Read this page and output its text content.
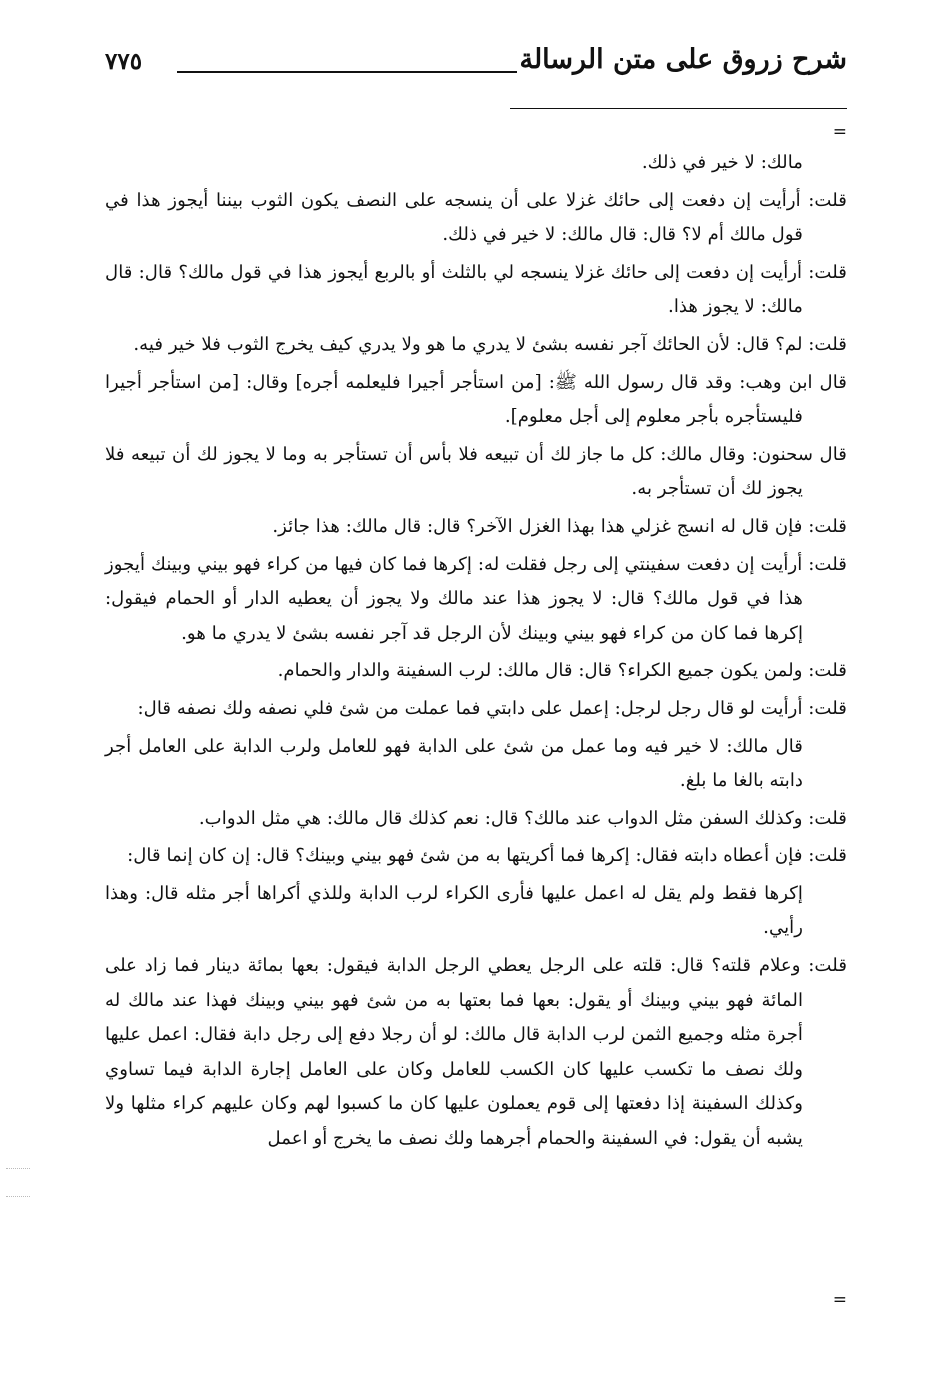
شرح زروق على متن الرسالة
٧٧٥
=
مالك: لا خير في ذلك.
قلت: أرأيت إن دفعت إلى حائك غزلا على أن ينسجه على النصف يكون الثوب بيننا أيجوز هذا في قول مالك أم لا؟ قال: قال مالك: لا خير في ذلك.
قلت: أرأيت إن دفعت إلى حائك غزلا ينسجه لي بالثلث أو بالربع أيجوز هذا في قول مالك؟ قال: قال مالك: لا يجوز هذا.
قلت: لم؟ قال: لأن الحائك آجر نفسه بشئ لا يدري ما هو ولا يدري كيف يخرج الثوب فلا خير فيه.
قال ابن وهب: وقد قال رسول الله ﷺ: [من استأجر أجيرا فليعلمه أجره] وقال: [من استأجر أجيرا فليستأجره بأجر معلوم إلى أجل معلوم].
قال سحنون: وقال مالك: كل ما جاز لك أن تبيعه فلا بأس أن تستأجر به وما لا يجوز لك أن تبيعه فلا يجوز لك أن تستأجر به.
قلت: فإن قال له انسج غزلي هذا بهذا الغزل الآخر؟ قال: قال مالك: هذا جائز.
قلت: أرأيت إن دفعت سفينتي إلى رجل فقلت له: إكرها فما كان فيها من كراء فهو بيني وبينك أيجوز هذا في قول مالك؟ قال: لا يجوز هذا عند مالك ولا يجوز أن يعطيه الدار أو الحمام فيقول: إكرها فما كان من كراء فهو بيني وبينك لأن الرجل قد آجر نفسه بشئ لا يدري ما هو.
قلت: ولمن يكون جميع الكراء؟ قال: قال مالك: لرب السفينة والدار والحمام.
قلت: أرأيت لو قال رجل لرجل: إعمل على دابتي فما عملت من شئ فلي نصفه ولك نصفه قال:
قال مالك: لا خير فيه وما عمل من شئ على الدابة فهو للعامل ولرب الدابة على العامل أجر دابته بالغا ما بلغ.
قلت: وكذلك السفن مثل الدواب عند مالك؟ قال: نعم كذلك قال مالك: هي مثل الدواب.
قلت: فإن أعطاه دابته فقال: إكرها فما أكريتها به من شئ فهو بيني وبينك؟ قال: إن كان إنما قال:
إكرها فقط ولم يقل له اعمل عليها فأرى الكراء لرب الدابة وللذي أكراها أجر مثله قال: وهذا رأيي.
قلت: وعلام قلته؟ قال: قلته على الرجل يعطي الرجل الدابة فيقول: بعها بمائة دينار فما زاد على المائة فهو بيني وبينك أو يقول: بعها فما بعتها به من شئ فهو بيني وبينك فهذا عند مالك له أجرة مثله وجميع الثمن لرب الدابة قال مالك: لو أن رجلا دفع إلى رجل دابة فقال: اعمل عليها ولك نصف ما تكسب عليها كان الكسب للعامل وكان على العامل إجارة الدابة فيما تساوي وكذلك السفينة إذا دفعتها إلى قوم يعملون عليها كان ما كسبوا لهم وكان عليهم كراء مثلها ولا يشبه أن يقول: في السفينة والحمام أجرهما ولك نصف ما يخرج أو اعمل
=
